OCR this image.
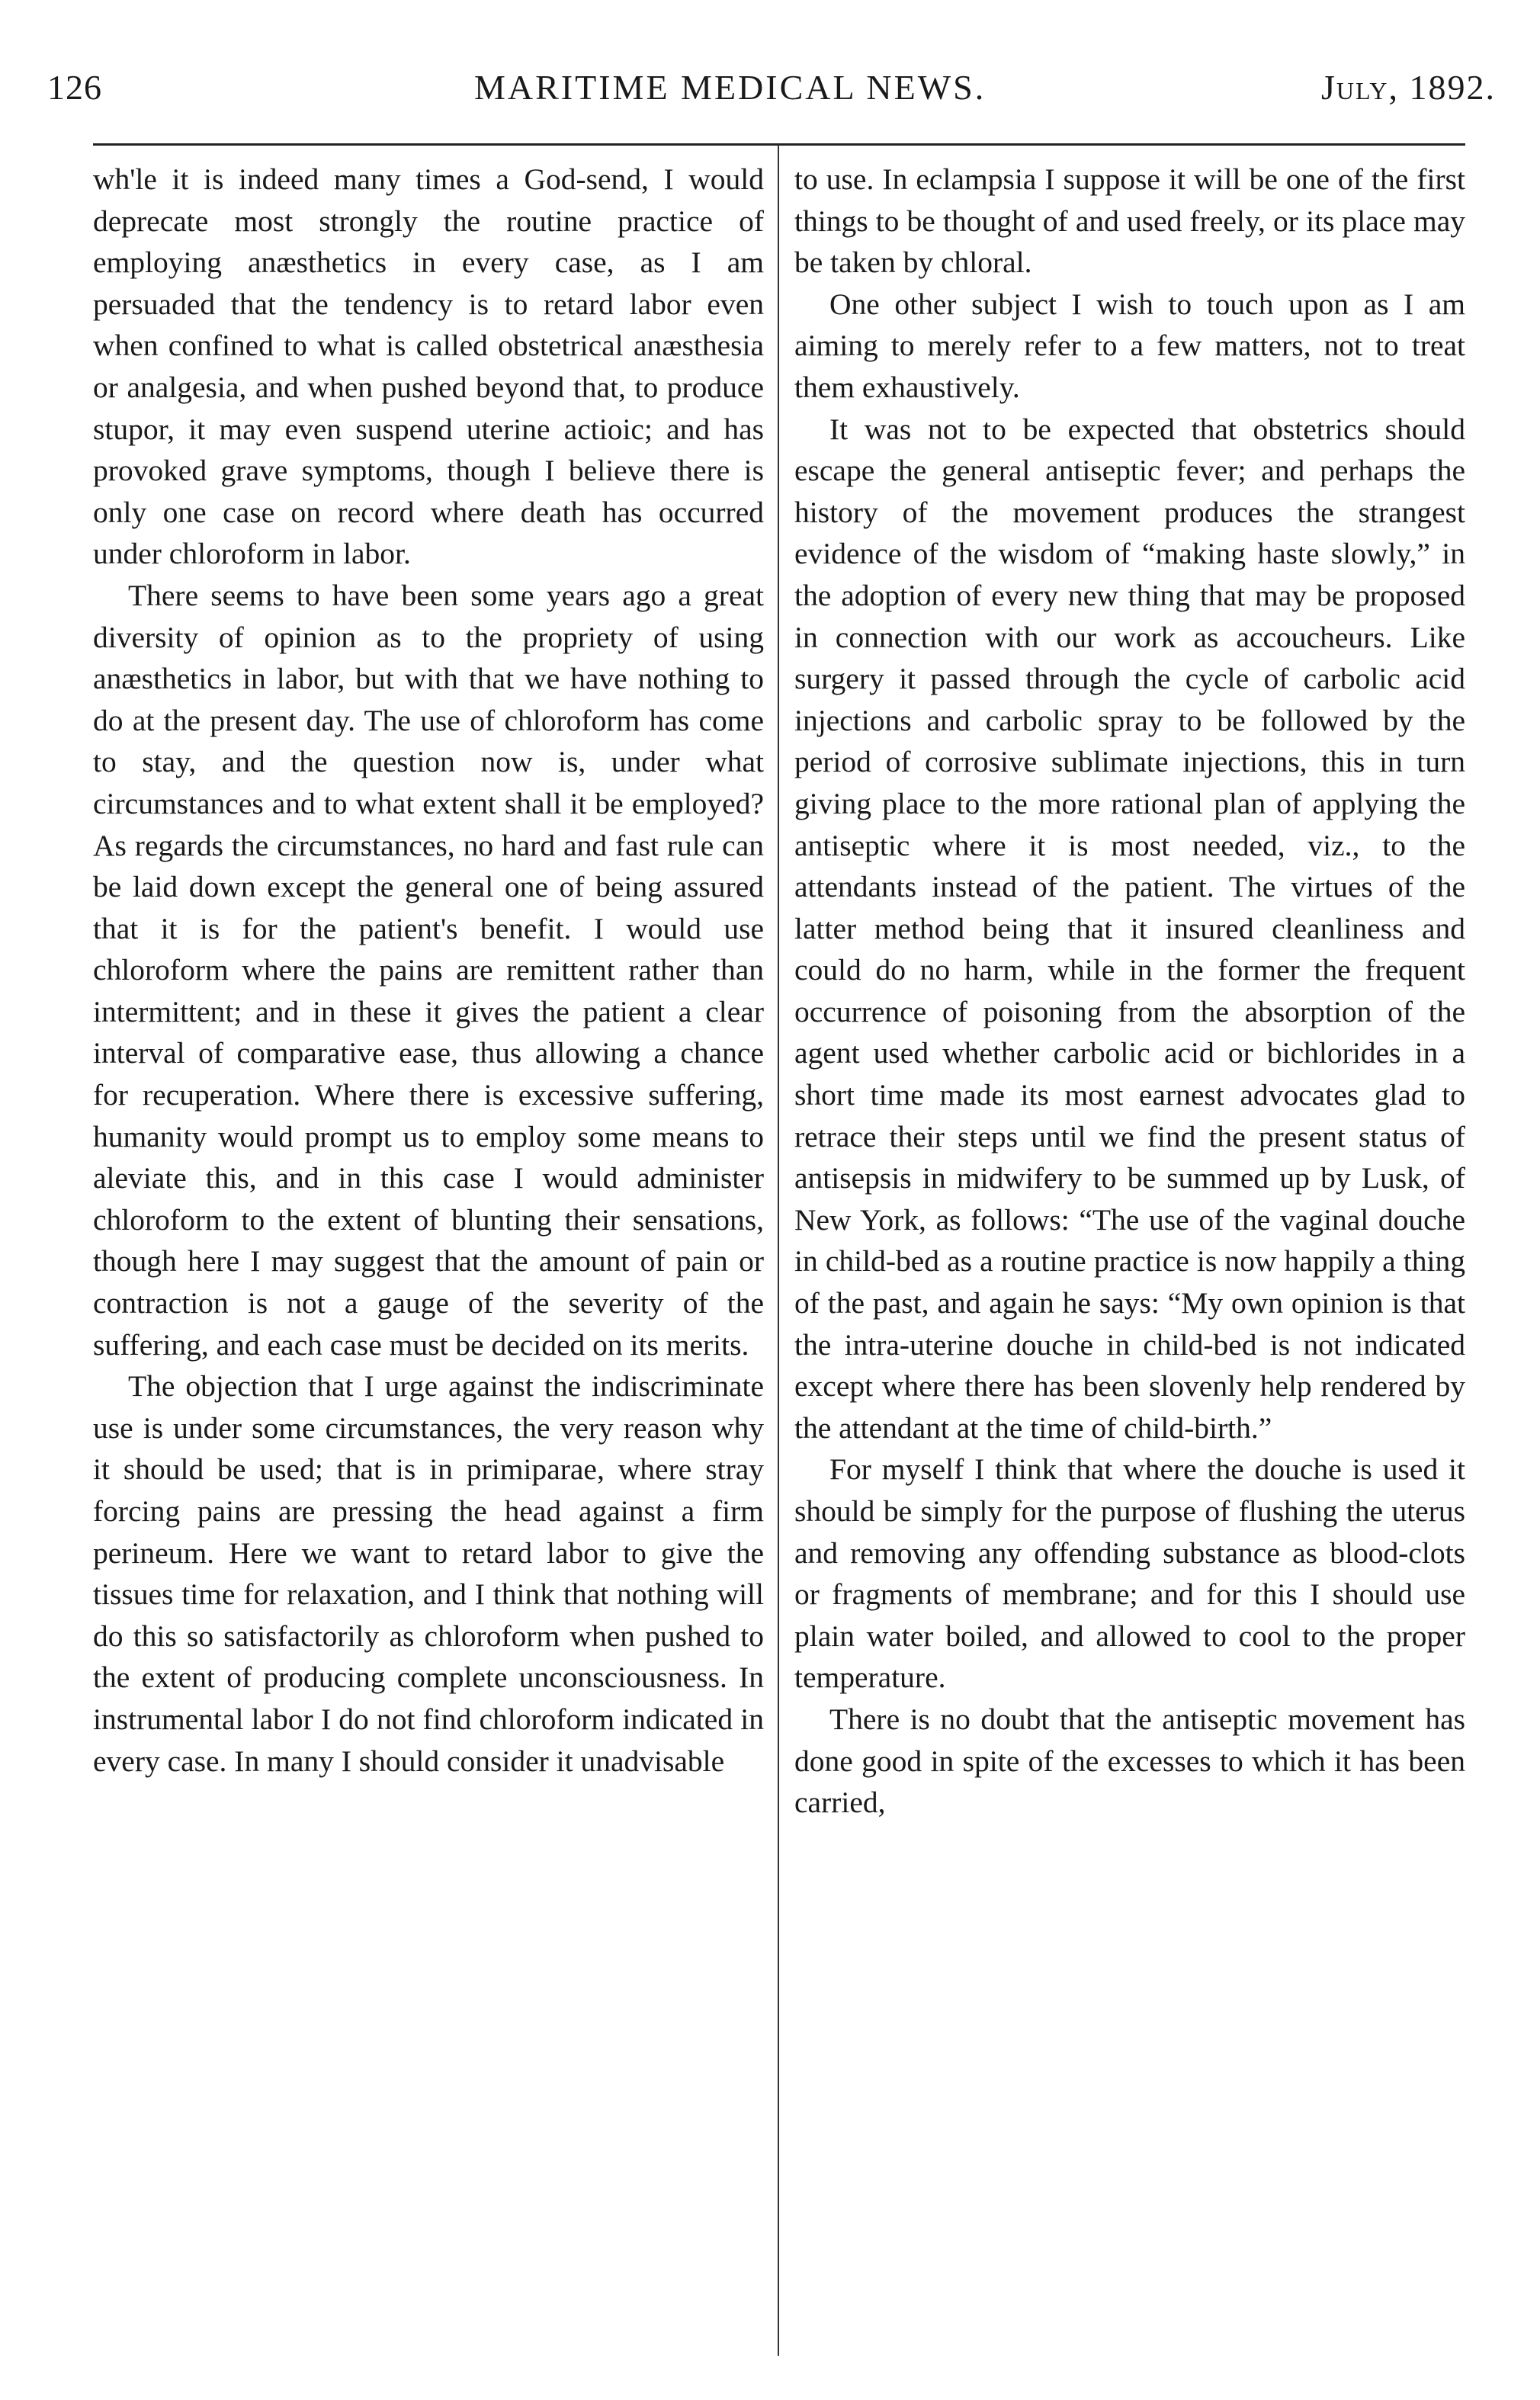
126	MARITIME MEDICAL NEWS.	July, 1892.

wh'le it is indeed many times a God-send, I would deprecate most strongly the routine practice of employing anæsthetics in every case, as I am persuaded that the tendency is to retard labor even when confined to what is called obstetrical anæsthesia or analgesia, and when pushed beyond that, to produce stupor, it may even suspend uterine actioic; and has provoked grave symptoms, though I believe there is only one case on record where death has occurred under chloroform in labor.

There seems to have been some years ago a great diversity of opinion as to the propriety of using anæsthetics in labor, but with that we have nothing to do at the present day. The use of chloroform has come to stay, and the question now is, under what circumstances and to what extent shall it be employed? As regards the circumstances, no hard and fast rule can be laid down except the general one of being assured that it is for the patient's benefit. I would use chloroform where the pains are remittent rather than intermittent; and in these it gives the patient a clear interval of comparative ease, thus allowing a chance for recuperation. Where there is excessive suffering, humanity would prompt us to employ some means to aleviate this, and in this case I would administer chloroform to the extent of blunting their sensations, though here I may suggest that the amount of pain or contraction is not a gauge of the severity of the suffering, and each case must be decided on its merits.

The objection that I urge against the indiscriminate use is under some circumstances, the very reason why it should be used; that is in primiparae, where stray forcing pains are pressing the head against a firm perineum. Here we want to retard labor to give the tissues time for relaxation, and I think that nothing will do this so satisfactorily as chloroform when pushed to the extent of producing complete unconsciousness. In instrumental labor I do not find chloroform indicated in every case. In many I should consider it unadvisable

to use. In eclampsia I suppose it will be one of the first things to be thought of and used freely, or its place may be taken by chloral.

One other subject I wish to touch upon as I am aiming to merely refer to a few matters, not to treat them exhaustively.

It was not to be expected that obstetrics should escape the general antiseptic fever; and perhaps the history of the movement produces the strangest evidence of the wisdom of “making haste slowly,” in the adoption of every new thing that may be proposed in connection with our work as accoucheurs. Like surgery it passed through the cycle of carbolic acid injections and carbolic spray to be followed by the period of corrosive sublimate injections, this in turn giving place to the more rational plan of applying the antiseptic where it is most needed, viz., to the attendants instead of the patient. The virtues of the latter method being that it insured cleanliness and could do no harm, while in the former the frequent occurrence of poisoning from the absorption of the agent used whether carbolic acid or bichlorides in a short time made its most earnest advocates glad to retrace their steps until we find the present status of antisepsis in midwifery to be summed up by Lusk, of New York, as follows: “The use of the vaginal douche in child-bed as a routine practice is now happily a thing of the past, and again he says: “My own opinion is that the intra-uterine douche in child-bed is not indicated except where there has been slovenly help rendered by the attendant at the time of child-birth.”

For myself I think that where the douche is used it should be simply for the purpose of flushing the uterus and removing any offending substance as blood-clots or fragments of membrane; and for this I should use plain water boiled, and allowed to cool to the proper temperature.

There is no doubt that the antiseptic movement has done good in spite of the excesses to which it has been carried,
